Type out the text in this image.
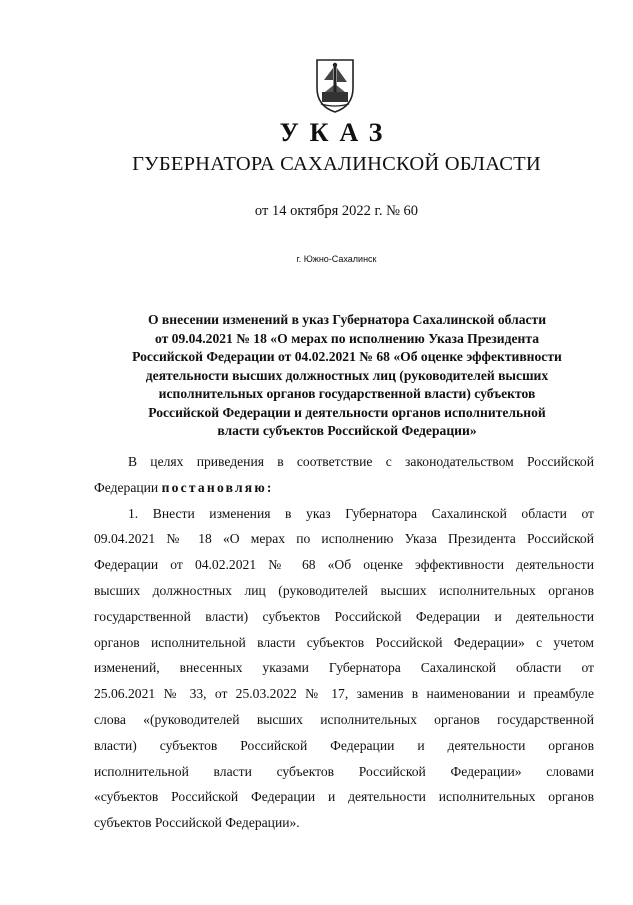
УКАЗ
ГУБЕРНАТОРА САХАЛИНСКОЙ ОБЛАСТИ
от 14 октября 2022 г. № 60
г. Южно-Сахалинск
О внесении изменений в указ Губернатора Сахалинской области
от 09.04.2021 № 18 «О мерах по исполнению Указа Президента
Российской Федерации от 04.02.2021 № 68 «Об оценке эффективности
деятельности высших должностных лиц (руководителей высших
исполнительных органов государственной власти) субъектов
Российской Федерации и деятельности органов исполнительной
власти субъектов Российской Федерации»
В целях приведения в соответствие с законодательством Российской
Федерации постановляю:
1. Внести изменения в указ Губернатора Сахалинской области от
09.04.2021 № 18 «О мерах по исполнению Указа Президента Российской
Федерации от 04.02.2021 № 68 «Об оценке эффективности деятельности
высших должностных лиц (руководителей высших исполнительных органов
государственной власти) субъектов Российской Федерации и деятельности
органов исполнительной власти субъектов Российской Федерации» с учетом
изменений, внесенных указами Губернатора Сахалинской области от
25.06.2021 № 33, от 25.03.2022 № 17, заменив в наименовании и преамбуле
слова «(руководителей высших исполнительных органов государственной
власти) субъектов Российской Федерации и деятельности органов
исполнительной власти субъектов Российской Федерации» словами
«субъектов Российской Федерации и деятельности исполнительных органов
субъектов Российской Федерации».
